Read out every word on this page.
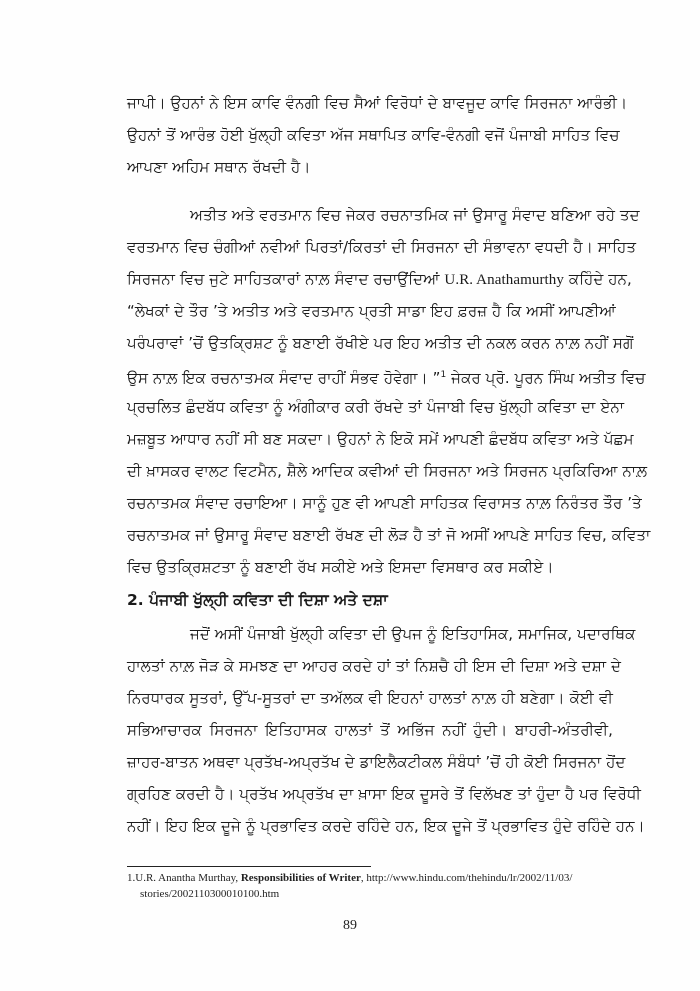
ਜਾਪੀ। ਉਹਨਾਂ ਨੇ ਇਸ ਕਾਵਿ ਵੰਨਗੀ ਵਿਚ ਸੈਆਂ ਵਿਰੋਧਾਂ ਦੇ ਬਾਵਜੂਦ ਕਾਵਿ ਸਿਰਜਨਾ ਆਰੰਭੀ।
ਉਹਨਾਂ ਤੋਂ ਆਰੰਭ ਹੋਈ ਖੁੱਲ੍ਹੀ ਕਵਿਤਾ ਅੱਜ ਸਥਾਪਿਤ ਕਾਵਿ-ਵੰਨਗੀ ਵਜੋਂ ਪੰਜਾਬੀ ਸਾਹਿਤ ਵਿਚ
ਆਪਣਾ ਅਹਿਮ ਸਥਾਨ ਰੱਖਦੀ ਹੈ।
ਅਤੀਤ ਅਤੇ ਵਰਤਮਾਨ ਵਿਚ ਜੇਕਰ ਰਚਨਾਤਮਿਕ ਜਾਂ ਉਸਾਰੂ ਸੰਵਾਦ ਬਣਿਆ ਰਹੇ ਤਦ
ਵਰਤਮਾਨ ਵਿਚ ਚੰਗੀਆਂ ਨਵੀਆਂ ਪਿਰਤਾਂ/ਕਿਰਤਾਂ ਦੀ ਸਿਰਜਨਾ ਦੀ ਸੰਭਾਵਨਾ ਵਧਦੀ ਹੈ। ਸਾਹਿਤ
ਸਿਰਜਨਾ ਵਿਚ ਜੁਟੇ ਸਾਹਿਤਕਾਰਾਂ ਨਾਲ਼ ਸੰਵਾਦ ਰਚਾਉਂਦਿਆਂ U.R. Anathamurthy ਕਹਿੰਦੇ ਹਨ,
“ਲੇਖਕਾਂ ਦੇ ਤੌਰ ’ਤੇ ਅਤੀਤ ਅਤੇ ਵਰਤਮਾਨ ਪ੍ਰਤੀ ਸਾਡਾ ਇਹ ਫ਼ਰਜ਼ ਹੈ ਕਿ ਅਸੀਂ ਆਪਣੀਆਂ
ਪਰੰਪਰਾਵਾਂ ’ਚੋਂ ਉਤਕ੍ਰਿਸ਼ਟ ਨੂੰ ਬਣਾਈ ਰੱਖੀਏ ਪਰ ਇਹ ਅਤੀਤ ਦੀ ਨਕਲ ਕਰਨ ਨਾਲ਼ ਨਹੀਂ ਸਗੋਂ
ਉਸ ਨਾਲ਼ ਇਕ ਰਚਨਾਤਮਕ ਸੰਵਾਦ ਰਾਹੀਂ ਸੰਭਵ ਹੋਵੇਗਾ। ”$^1$ ਜੇਕਰ ਪ੍ਰੋ. ਪੂਰਨ ਸਿੰਘ ਅਤੀਤ ਵਿਚ
ਪ੍ਰਚਲਿਤ ਛੰਦਬੱਧ ਕਵਿਤਾ ਨੂੰ ਅੰਗੀਕਾਰ ਕਰੀ ਰੱਖਦੇ ਤਾਂ ਪੰਜਾਬੀ ਵਿਚ ਖੁੱਲ੍ਹੀ ਕਵਿਤਾ ਦਾ ਏਨਾ
ਮਜ਼ਬੂਤ ਆਧਾਰ ਨਹੀਂ ਸੀ ਬਣ ਸਕਦਾ। ਉਹਨਾਂ ਨੇ ਇਕੋ ਸਮੇਂ ਆਪਣੀ ਛੰਦਬੱਧ ਕਵਿਤਾ ਅਤੇ ਪੱਛਮ
ਦੀ ਖ਼ਾਸਕਰ ਵਾਲਟ ਵਿਟਮੈਨ, ਸ਼ੈਲੇ ਆਦਿਕ ਕਵੀਆਂ ਦੀ ਸਿਰਜਨਾ ਅਤੇ ਸਿਰਜਨ ਪ੍ਰਕਿਰਿਆ ਨਾਲ਼
ਰਚਨਾਤਮਕ ਸੰਵਾਦ ਰਚਾਇਆ। ਸਾਨੂੰ ਹੁਣ ਵੀ ਆਪਣੀ ਸਾਹਿਤਕ ਵਿਰਾਸਤ ਨਾਲ਼ ਨਿਰੰਤਰ ਤੌਰ ’ਤੇ
ਰਚਨਾਤਮਕ ਜਾਂ ਉਸਾਰੂ ਸੰਵਾਦ ਬਣਾਈ ਰੱਖਣ ਦੀ ਲੋੜ ਹੈ ਤਾਂ ਜੋ ਅਸੀਂ ਆਪਣੇ ਸਾਹਿਤ ਵਿਚ, ਕਵਿਤਾ
ਵਿਚ ਉਤਕ੍ਰਿਸ਼ਟਤਾ ਨੂੰ ਬਣਾਈ ਰੱਖ ਸਕੀਏ ਅਤੇ ਇਸਦਾ ਵਿਸਥਾਰ ਕਰ ਸਕੀਏ।
2. ਪੰਜਾਬੀ ਖੁੱਲ੍ਹੀ ਕਵਿਤਾ ਦੀ ਦਿਸ਼ਾ ਅਤੇ ਦਸ਼ਾ
ਜਦੋਂ ਅਸੀਂ ਪੰਜਾਬੀ ਖੁੱਲ੍ਹੀ ਕਵਿਤਾ ਦੀ ਉਪਜ ਨੂੰ ਇਤਿਹਾਸਿਕ, ਸਮਾਜਿਕ, ਪਦਾਰਥਿਕ
ਹਾਲਤਾਂ ਨਾਲ਼ ਜੋੜ ਕੇ ਸਮਝਣ ਦਾ ਆਹਰ ਕਰਦੇ ਹਾਂ ਤਾਂ ਨਿਸ਼ਚੈ ਹੀ ਇਸ ਦੀ ਦਿਸ਼ਾ ਅਤੇ ਦਸ਼ਾ ਦੇ
ਨਿਰਧਾਰਕ ਸੂਤਰਾਂ, ਉੱਪ-ਸੂਤਰਾਂ ਦਾ ਤਅੱਲਕ ਵੀ ਇਹਨਾਂ ਹਾਲਤਾਂ ਨਾਲ਼ ਹੀ ਬਣੇਗਾ। ਕੋਈ ਵੀ
ਸਭਿਆਚਾਰਕ ਸਿਰਜਨਾ ਇਤਿਹਾਸਕ ਹਾਲਤਾਂ ਤੋਂ ਅਭਿੱਜ ਨਹੀਂ ਹੁੰਦੀ। ਬਾਹਰੀ-ਅੰਤਰੀਵੀ,
ਜ਼ਾਹਰ-ਬਾਤਨ ਅਥਵਾ ਪ੍ਰਤੱਖ-ਅਪ੍ਰਤੱਖ ਦੇ ਡਾਇਲੈਕਟੀਕਲ ਸੰਬੰਧਾਂ ’ਚੋਂ ਹੀ ਕੋਈ ਸਿਰਜਨਾ ਹੋਂਦ
ਗ੍ਰਹਿਣ ਕਰਦੀ ਹੈ। ਪ੍ਰਤੱਖ ਅਪ੍ਰਤੱਖ ਦਾ ਖ਼ਾਸਾ ਇਕ ਦੂਸਰੇ ਤੋਂ ਵਿਲੱਖਣ ਤਾਂ ਹੁੰਦਾ ਹੈ ਪਰ ਵਿਰੋਧੀ
ਨਹੀਂ। ਇਹ ਇਕ ਦੂਜੇ ਨੂੰ ਪ੍ਰਭਾਵਿਤ ਕਰਦੇ ਰਹਿੰਦੇ ਹਨ, ਇਕ ਦੂਜੇ ਤੋਂ ਪ੍ਰਭਾਵਿਤ ਹੁੰਦੇ ਰਹਿੰਦੇ ਹਨ।
1.U.R. Anantha Murthay, Responsibilities of Writer, http://www.hindu.com/thehindu/lr/2002/11/03/
stories/2002110300010100.htm
89
